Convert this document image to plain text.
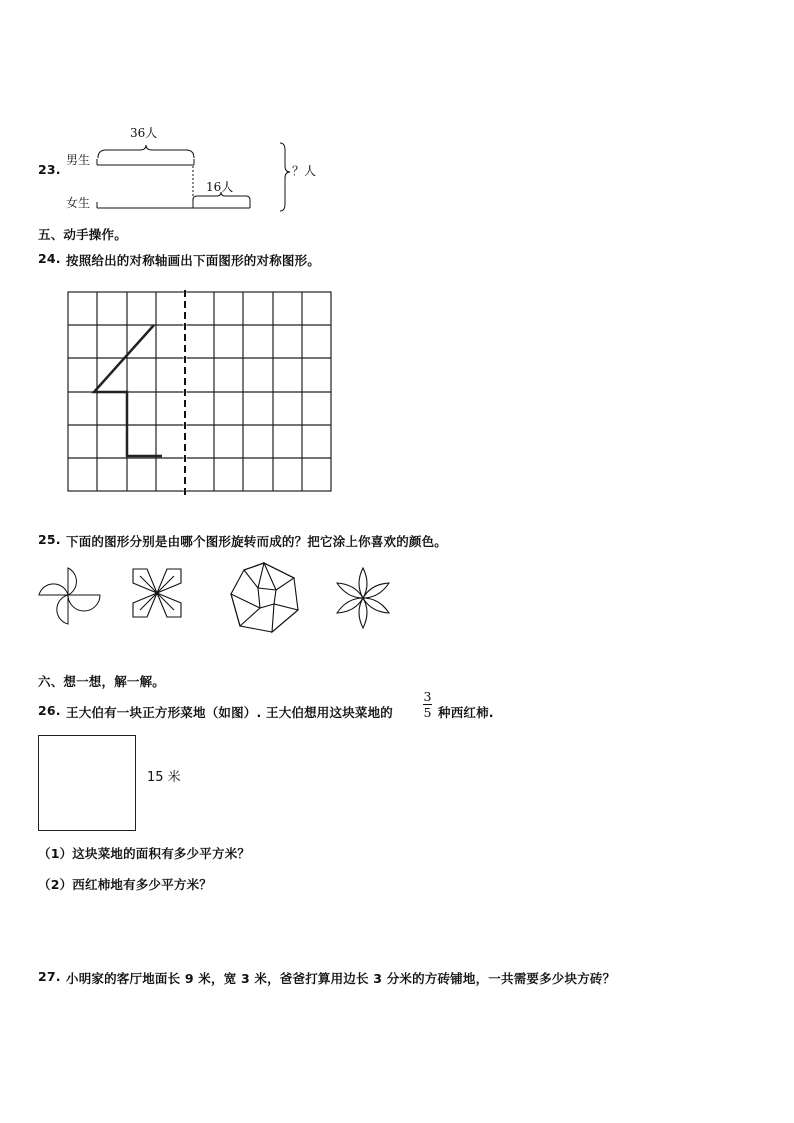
23.
男生
女生
36人
16人
？人
五、动手操作。
24. 按照给出的对称轴画出下面图形的对称图形。
25. 下面的图形分别是由哪个图形旋转而成的？把它涂上你喜欢的颜色。
六、想一想，解一解。
26. 王大伯有一块正方形菜地（如图）. 王大伯想用这块菜地的
3
5 种西红柿.
15 米
（1）这块菜地的面积有多少平方米？
（2）西红柿地有多少平方米？
27. 小明家的客厅地面长 9 米，宽 3 米，爸爸打算用边长 3 分米的方砖铺地，一共需要多少块方砖？
